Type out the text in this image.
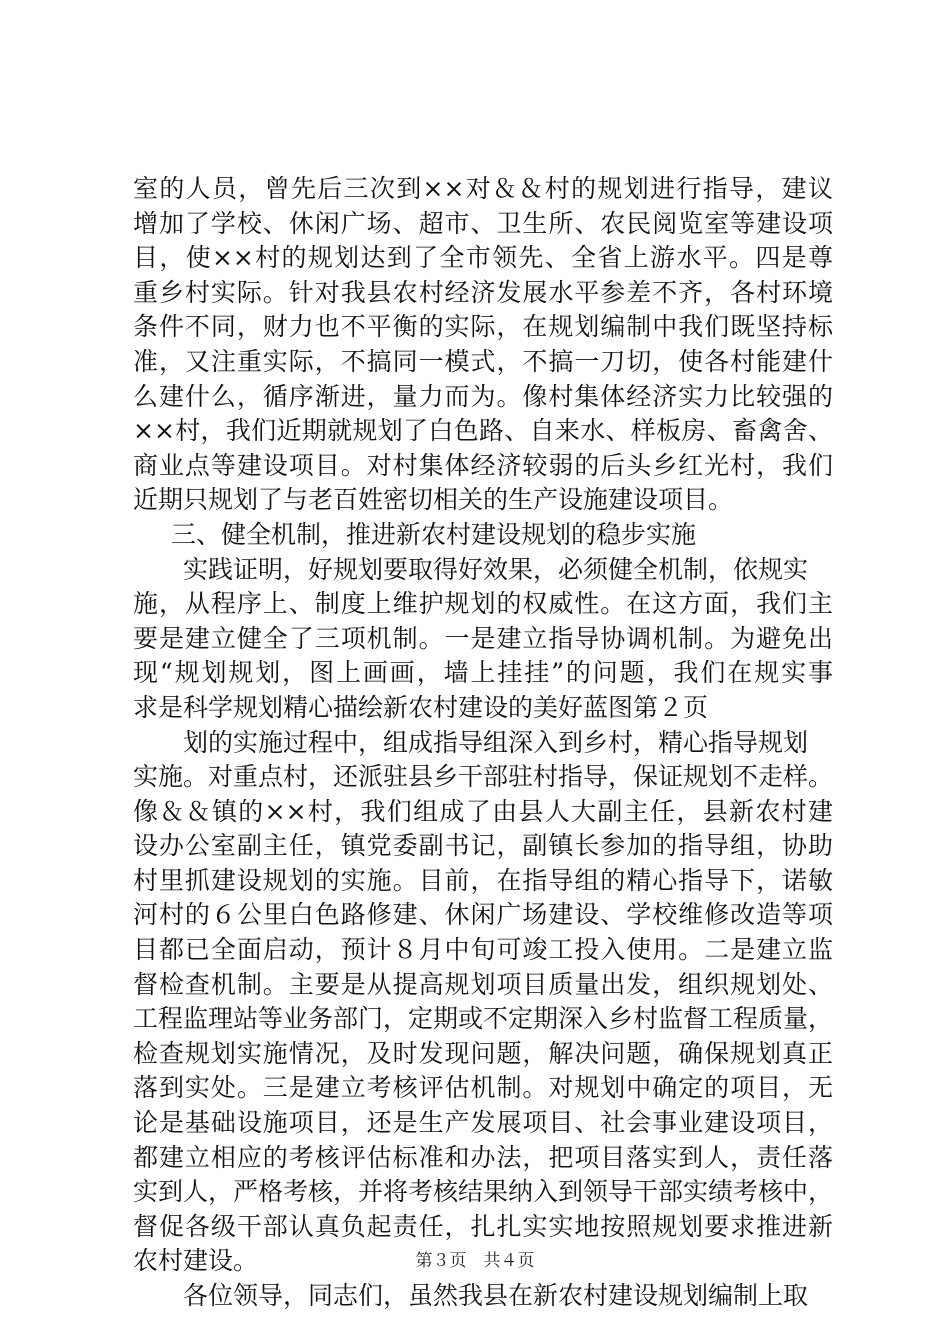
室的人员，曾先后三次到××对＆＆村的规划进行指导，建议
增加了学校、休闲广场、超市、卫生所、农民阅览室等建设项
目，使××村的规划达到了全市领先、全省上游水平。四是尊
重乡村实际。针对我县农村经济发展水平参差不齐，各村环境
条件不同，财力也不平衡的实际，在规划编制中我们既坚持标
准，又注重实际，不搞同一模式，不搞一刀切，使各村能建什
么建什么，循序渐进，量力而为。像村集体经济实力比较强的
××村，我们近期就规划了白色路、自来水、样板房、畜禽舍、
商业点等建设项目。对村集体经济较弱的后头乡红光村，我们
近期只规划了与老百姓密切相关的生产设施建设项目。
三、健全机制，推进新农村建设规划的稳步实施
实践证明，好规划要取得好效果，必须健全机制，依规实
施，从程序上、制度上维护规划的权威性。在这方面，我们主
要是建立健全了三项机制。一是建立指导协调机制。为避免出
现“规划规划，图上画画，墙上挂挂”的问题，我们在规实事
求是科学规划精心描绘新农村建设的美好蓝图第２页
划的实施过程中，组成指导组深入到乡村，精心指导规划
实施。对重点村，还派驻县乡干部驻村指导，保证规划不走样。
像＆＆镇的××村，我们组成了由县人大副主任，县新农村建
设办公室副主任，镇党委副书记，副镇长参加的指导组，协助
村里抓建设规划的实施。目前，在指导组的精心指导下，诺敏
河村的６公里白色路修建、休闲广场建设、学校维修改造等项
目都已全面启动，预计８月中旬可竣工投入使用。二是建立监
督检查机制。主要是从提高规划项目质量出发，组织规划处、
工程监理站等业务部门，定期或不定期深入乡村监督工程质量，
检查规划实施情况，及时发现问题，解决问题，确保规划真正
落到实处。三是建立考核评估机制。对规划中确定的项目，无
论是基础设施项目，还是生产发展项目、社会事业建设项目，
都建立相应的考核评估标准和办法，把项目落实到人，责任落
实到人，严格考核，并将考核结果纳入到领导干部实绩考核中，
督促各级干部认真负起责任，扎扎实实地按照规划要求推进新
农村建设。
各位领导，同志们，虽然我县在新农村建设规划编制上取
第３页　共４页
